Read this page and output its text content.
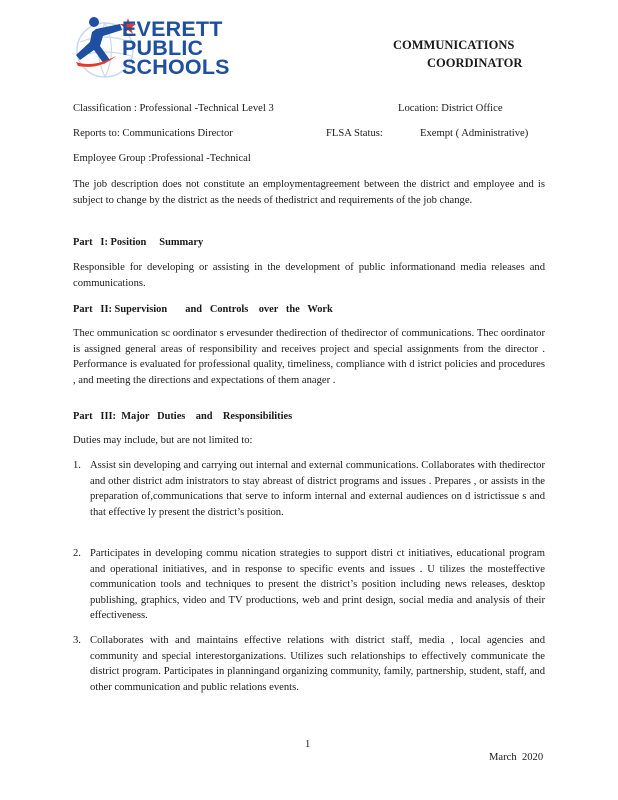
EVERETT
PUBLIC
SCHOOLS
COMMUNICATIONS
COORDINATOR
Classification : Professional -Technical Level 3	Location: District Office
Reports to: Communications Director	FLSA Status:	Exempt ( Administrative)
Employee Group :Professional -Technical
The job description does not constitute an employmentagreement between the district and employee and is subject to change by the district as the needs of thedistrict and requirements of the job change.
Part   I: Position     Summary
Responsible for developing or assisting in the development of public informationand media releases and communications.
Part   II: Supervision       and   Controls    over   the   Work
Thec ommunication sc oordinator s ervesunder thedirection of thedirector of communications. Thec oordinator is assigned general areas of responsibility and receives project and special assignments from the director . Performance is evaluated for professional quality, timeliness, compliance with d istrict policies and procedures , and meeting the directions and expectations of them anager .
Part   III:  Major   Duties    and    Responsibilities
Duties may include, but are not limited to:
1. Assist sin developing and carrying out internal and external communications. Collaborates with thedirector and other district adm inistrators to stay abreast of district programs and issues . Prepares , or assists in the preparation of,communications that serve to inform internal and external audiences on d istrictissue s and that effective ly present the district’s position.
2. Participates in developing commu nication strategies to support distri ct initiatives, educational program and operational initiatives, and in response to specific events and issues . U tilizes the mosteffective communication tools and techniques to present the district’s position including news releases, desktop publishing, graphics, video and TV productions, web and print design, social media and analysis of their effectiveness.
3. Collaborates with and maintains effective relations with district staff, media , local agencies and community and special interestorganizations. Utilizes such relationships to effectively communicate the district program. Participates in planningand organizing community, family, partnership, student, staff, and other communication and public relations events.
1
March  2020
